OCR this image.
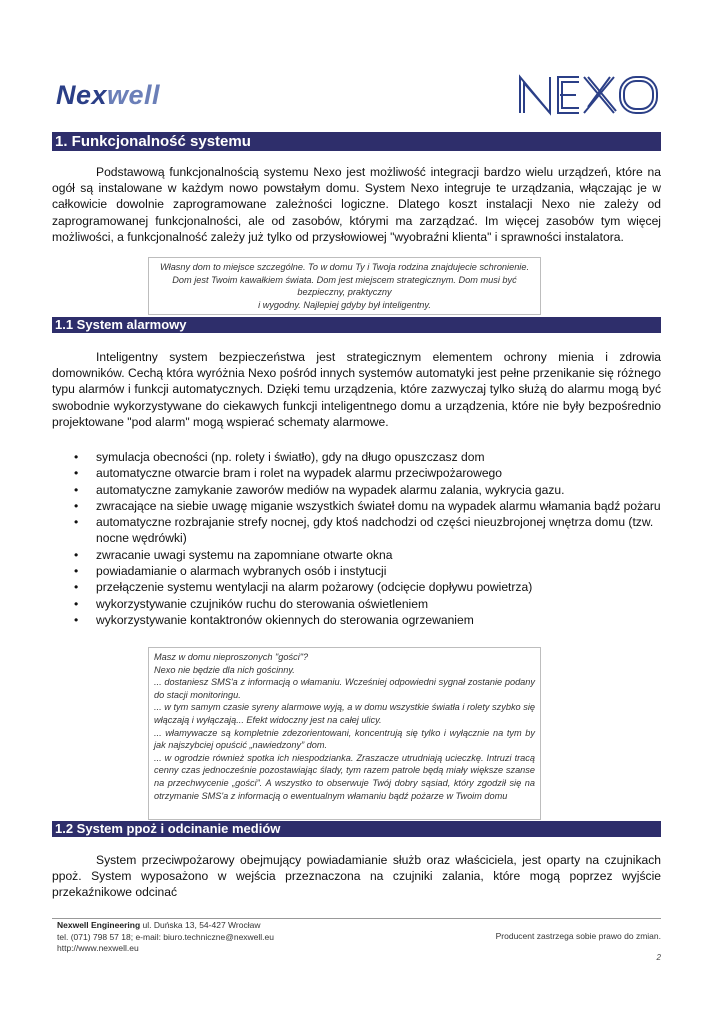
Nexwell
1. Funkcjonalność systemu

Podstawową funkcjonalnością systemu Nexo jest możliwość integracji bardzo wielu urządzeń, które na ogół są instalowane w każdym nowo powstałym domu. System Nexo integruje te urządzania, włączając je w całkowicie dowolnie zaprogramowane zależności logiczne. Dlatego koszt instalacji Nexo nie zależy od zaprogramowanej funkcjonalności, ale od zasobów, którymi ma zarządzać. Im więcej zasobów tym więcej możliwości, a funkcjonalność zależy już tylko od przysłowiowej "wyobraźni klienta" i sprawności instalatora.

Własny dom to miejsce szczególne. To w domu Ty i Twoja rodzina znajdujecie schronienie.
Dom jest Twoim kawałkiem świata. Dom jest miejscem strategicznym. Dom musi być
bezpieczny, praktyczny
i wygodny. Najlepiej gdyby był inteligentny.
1.1 System alarmowy

Inteligentny system bezpieczeństwa jest strategicznym elementem ochrony mienia i zdrowia domowników. Cechą która wyróżnia Nexo pośród innych systemów automatyki jest pełne przenikanie się różnego typu alarmów i funkcji automatycznych. Dzięki temu urządzenia, które zazwyczaj tylko służą do alarmu mogą być swobodnie wykorzystywane do ciekawych funkcji inteligentnego domu a urządzenia, które nie były bezpośrednio projektowane "pod alarm" mogą wspierać schematy alarmowe.

• symulacja obecności (np. rolety i światło), gdy na długo opuszczasz dom
• automatyczne otwarcie bram i rolet na wypadek alarmu przeciwpożarowego
• automatyczne zamykanie zaworów mediów na wypadek alarmu zalania, wykrycia gazu.
• zwracające na siebie uwagę miganie wszystkich świateł domu na wypadek alarmu włamania bądź pożaru
• automatyczne rozbrajanie strefy nocnej, gdy ktoś nadchodzi od części nieuzbrojonej wnętrza domu (tzw. nocne wędrówki)
• zwracanie uwagi systemu na zapomniane otwarte okna
• powiadamianie o alarmach wybranych osób i instytucji
• przełączenie systemu wentylacji na alarm pożarowy (odcięcie dopływu powietrza)
• wykorzystywanie czujników ruchu do sterowania oświetleniem
• wykorzystywanie kontaktronów okiennych do sterowania ogrzewaniem
Masz w domu nieproszonych "gości"?
Nexo nie będzie dla nich gościnny.
... dostaniesz SMS'a z informacją o włamaniu. Wcześniej odpowiedni sygnał zostanie podany do stacji monitoringu.
... w tym samym czasie syreny alarmowe wyją, a w domu wszystkie światła i rolety szybko się włączają i wyłączają... Efekt widoczny jest na całej ulicy.
... włamywacze są kompletnie zdezorientowani, koncentrują się tylko i wyłącznie na tym by jak najszybciej opuścić „nawiedzony” dom.
... w ogrodzie również spotka ich niespodzianka. Zraszacze utrudniają ucieczkę. Intruzi tracą cenny czas jednocześnie pozostawiając ślady, tym razem patrole będą miały większe szanse na przechwycenie „gości”. A wszystko to obserwuje Twój dobry sąsiad, który zgodził się na otrzymanie SMS'a z informacją o ewentualnym włamaniu bądź pożarze w Twoim domu
1.2 System ppoż i odcinanie mediów

System przeciwpożarowy obejmujący powiadamianie służb oraz właściciela, jest oparty na czujnikach ppoż. System wyposażono w wejścia przeznaczona na czujniki zalania, które mogą poprzez wyjście przekaźnikowe odcinać

Nexwell Engineering ul. Duńska 13, 54-427 Wrocław
tel. (071) 798 57 18; e-mail: biuro.techniczne@nexwell.eu
http://www.nexwell.eu
Producent zastrzega sobie prawo do zmian.
2
